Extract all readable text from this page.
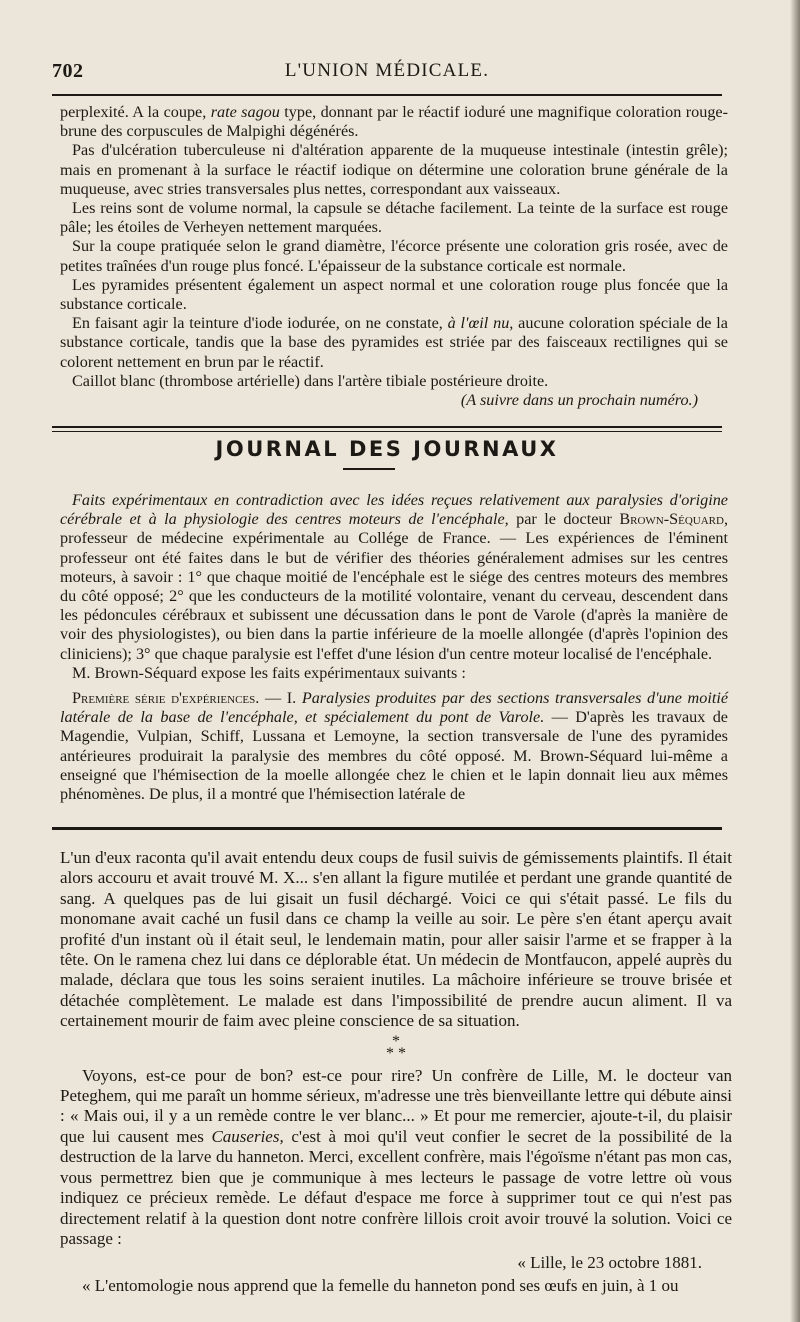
702	L'UNION MÉDICALE.

perplexité. A la coupe, rate sagou type, donnant par le réactif ioduré une magnifique coloration rouge-brune des corpuscules de Malpighi dégénérés.

Pas d'ulcération tuberculeuse ni d'altération apparente de la muqueuse intestinale (intestin grêle); mais en promenant à la surface le réactif iodique on détermine une coloration brune générale de la muqueuse, avec stries transversales plus nettes, correspondant aux vaisseaux.

Les reins sont de volume normal, la capsule se détache facilement. La teinte de la surface est rouge pâle; les étoiles de Verheyen nettement marquées.

Sur la coupe pratiquée selon le grand diamètre, l'écorce présente une coloration gris rosée, avec de petites traînées d'un rouge plus foncé. L'épaisseur de la substance corticale est normale.

Les pyramides présentent également un aspect normal et une coloration rouge plus foncée que la substance corticale.

En faisant agir la teinture d'iode iodurée, on ne constate, à l'œil nu, aucune coloration spéciale de la substance corticale, tandis que la base des pyramides est striée par des faisceaux rectilignes qui se colorent nettement en brun par le réactif.

Caillot blanc (thrombose artérielle) dans l'artère tibiale postérieure droite.

(A suivre dans un prochain numéro.)
JOURNAL DES JOURNAUX

Faits expérimentaux en contradiction avec les idées reçues relativement aux paralysies d'origine cérébrale et à la physiologie des centres moteurs de l'encéphale, par le docteur Brown-Séquard, professeur de médecine expérimentale au Collége de France. — Les expériences de l'éminent professeur ont été faites dans le but de vérifier des théories généralement admises sur les centres moteurs, à savoir : 1° que chaque moitié de l'encéphale est le siége des centres moteurs des membres du côté opposé; 2° que les conducteurs de la motilité volontaire, venant du cerveau, descendent dans les pédoncules cérébraux et subissent une décussation dans le pont de Varole (d'après la manière de voir des physiologistes), ou bien dans la partie inférieure de la moelle allongée (d'après l'opinion des cliniciens); 3° que chaque paralysie est l'effet d'une lésion d'un centre moteur localisé de l'encéphale.

M. Brown-Séquard expose les faits expérimentaux suivants :

Première série d'expériences. — I. Paralysies produites par des sections transversales d'une moitié latérale de la base de l'encéphale, et spécialement du pont de Varole. — D'après les travaux de Magendie, Vulpian, Schiff, Lussana et Lemoyne, la section transversale de l'une des pyramides antérieures produirait la paralysie des membres du côté opposé. M. Brown-Séquard lui-même a enseigné que l'hémisection de la moelle allongée chez le chien et le lapin donnait lieu aux mêmes phénomènes. De plus, il a montré que l'hémisection latérale de

L'un d'eux raconta qu'il avait entendu deux coups de fusil suivis de gémissements plaintifs. Il était alors accouru et avait trouvé M. X... s'en allant la figure mutilée et perdant une grande quantité de sang. A quelques pas de lui gisait un fusil déchargé. Voici ce qui s'était passé. Le fils du monomane avait caché un fusil dans ce champ la veille au soir. Le père s'en étant aperçu avait profité d'un instant où il était seul, le lendemain matin, pour aller saisir l'arme et se frapper à la tête. On le ramena chez lui dans ce déplorable état. Un médecin de Montfaucon, appelé auprès du malade, déclara que tous les soins seraient inutiles. La mâchoire inférieure se trouve brisée et détachée complètement. Le malade est dans l'impossibilité de prendre aucun aliment. Il va certainement mourir de faim avec pleine conscience de sa situation.

*
* *

Voyons, est-ce pour de bon? est-ce pour rire? Un confrère de Lille, M. le docteur van Peteghem, qui me paraît un homme sérieux, m'adresse une très bienveillante lettre qui débute ainsi : « Mais oui, il y a un remède contre le ver blanc... » Et pour me remercier, ajoute-t-il, du plaisir que lui causent mes Causeries, c'est à moi qu'il veut confier le secret de la possibilité de la destruction de la larve du hanneton. Merci, excellent confrère, mais l'égoïsme n'étant pas mon cas, vous permettrez bien que je communique à mes lecteurs le passage de votre lettre où vous indiquez ce précieux remède. Le défaut d'espace me force à supprimer tout ce qui n'est pas directement relatif à la question dont notre confrère lillois croit avoir trouvé la solution. Voici ce passage :

« Lille, le 23 octobre 1881.

« L'entomologie nous apprend que la femelle du hanneton pond ses œufs en juin, à 1 ou
